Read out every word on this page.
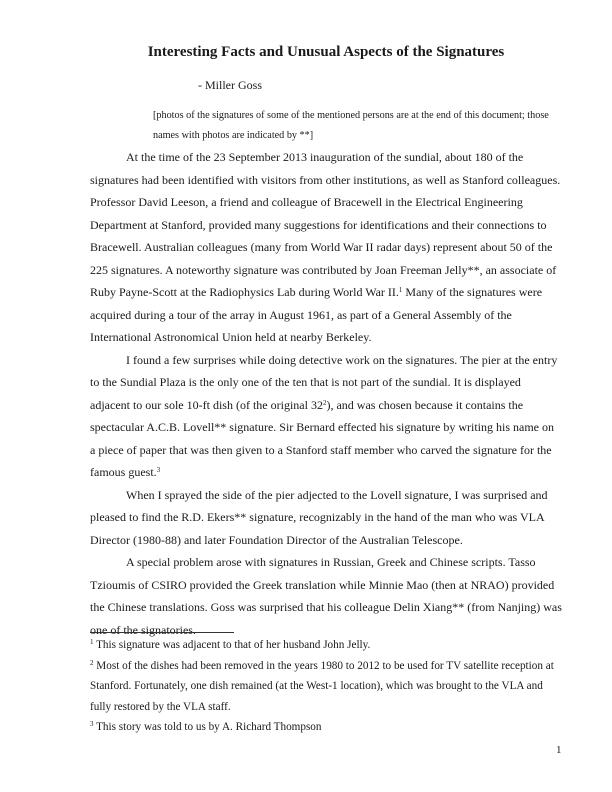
Interesting Facts and Unusual Aspects of the Signatures
- Miller Goss
[photos of the signatures of some of the mentioned persons are at the end of this document; those names with photos are indicated by **]

At the time of the 23 September 2013 inauguration of the sundial, about 180 of the signatures had been identified with visitors from other institutions, as well as Stanford colleagues. Professor David Leeson, a friend and colleague of Bracewell in the Electrical Engineering Department at Stanford, provided many suggestions for identifications and their connections to Bracewell. Australian colleagues (many from World War II radar days) represent about 50 of the 225 signatures. A noteworthy signature was contributed by Joan Freeman Jelly**, an associate of Ruby Payne-Scott at the Radiophysics Lab during World War II.$^1$ Many of the signatures were acquired during a tour of the array in August 1961, as part of a General Assembly of the International Astronomical Union held at nearby Berkeley.

I found a few surprises while doing detective work on the signatures. The pier at the entry to the Sundial Plaza is the only one of the ten that is not part of the sundial. It is displayed adjacent to our sole 10-ft dish (of the original $32^2$), and was chosen because it contains the spectacular A.C.B. Lovell** signature. Sir Bernard effected his signature by writing his name on a piece of paper that was then given to a Stanford staff member who carved the signature for the famous guest.$^3$

When I sprayed the side of the pier adjected to the Lovell signature, I was surprised and pleased to find the R.D. Ekers** signature, recognizably in the hand of the man who was VLA Director (1980-88) and later Foundation Director of the Australian Telescope.

A special problem arose with signatures in Russian, Greek and Chinese scripts. Tasso Tzioumis of CSIRO provided the Greek translation while Minnie Mao (then at NRAO) provided the Chinese translations. Goss was surprised that his colleague Delin Xiang** (from Nanjing) was one of the signatories.

$^1$ This signature was adjacent to that of her husband John Jelly.

$^2$ Most of the dishes had been removed in the years 1980 to 2012 to be used for TV satellite reception at Stanford. Fortunately, one dish remained (at the West-1 location), which was brought to the VLA and fully restored by the VLA staff.

$^3$ This story was told to us by A. Richard Thompson

1
